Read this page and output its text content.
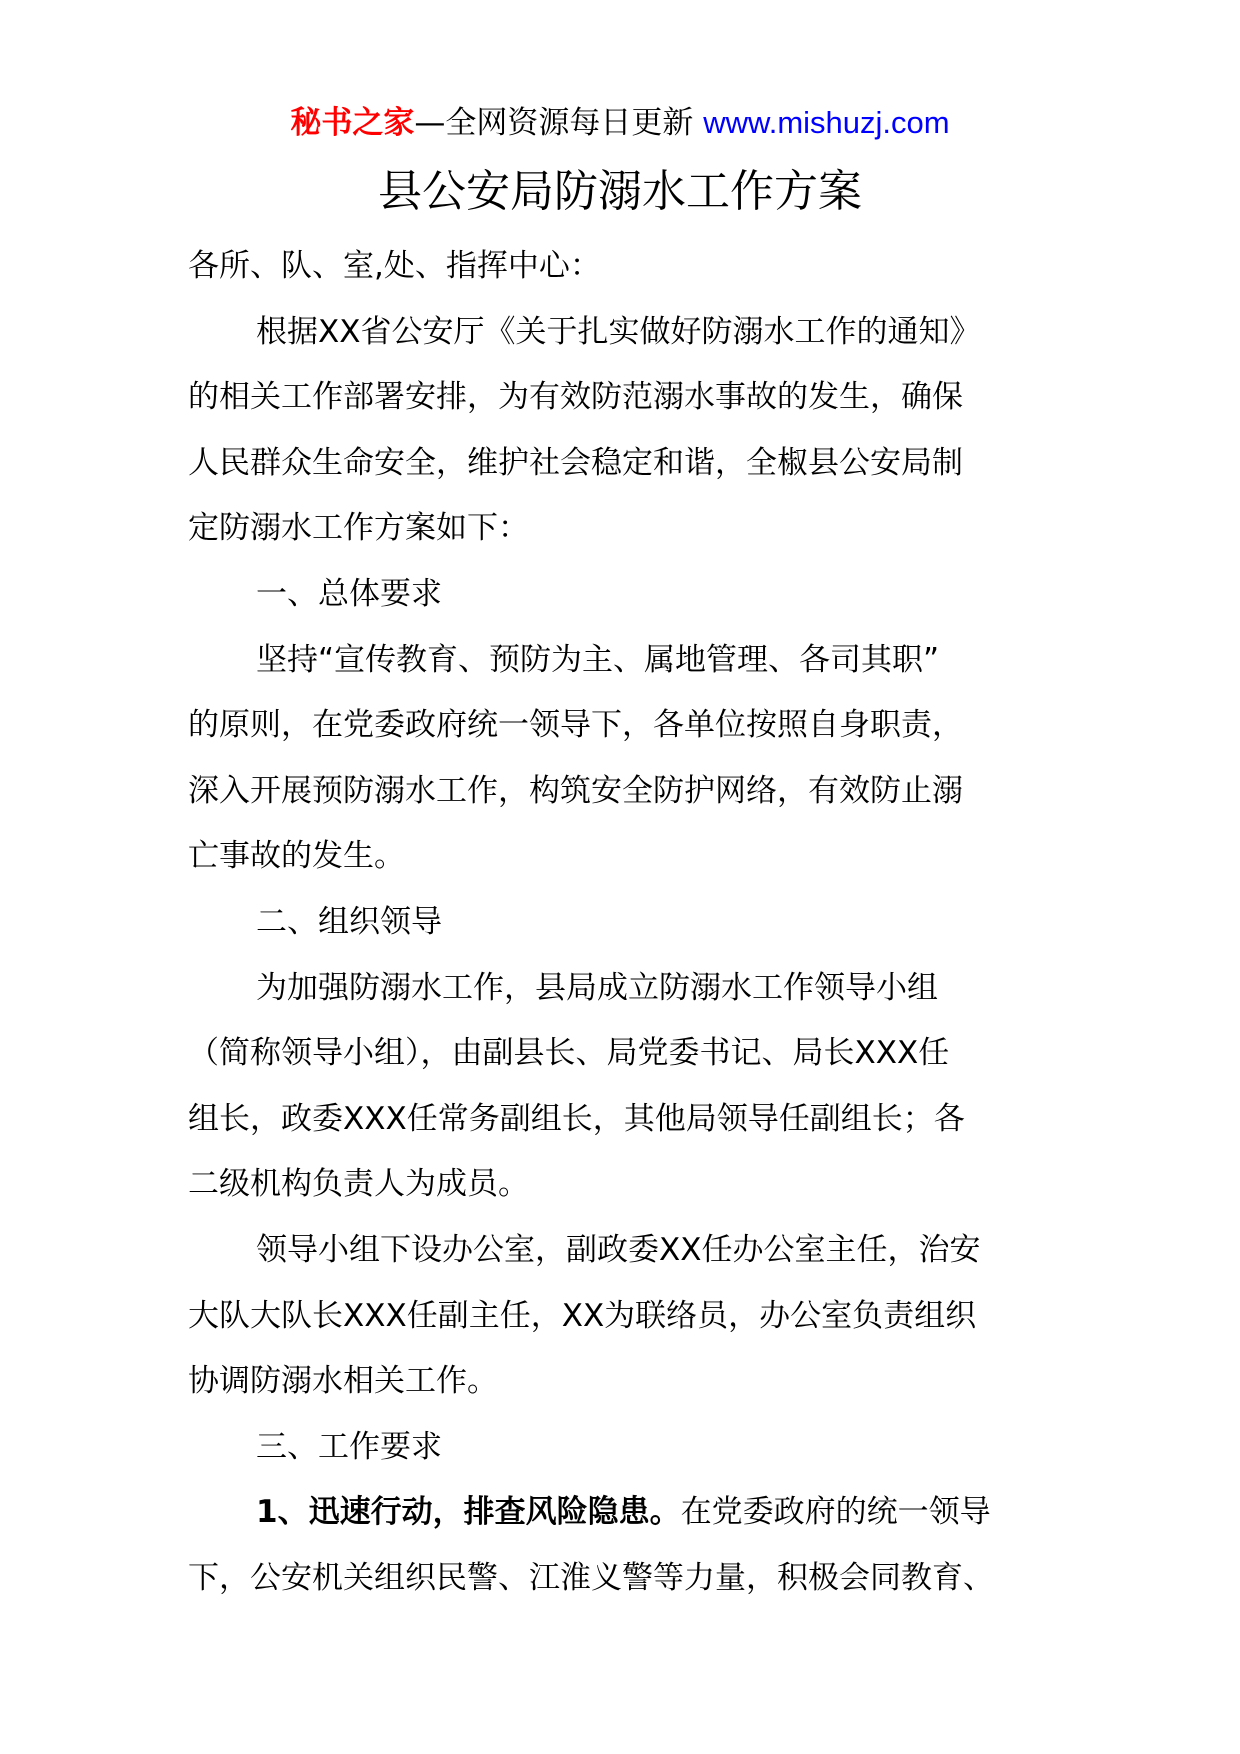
秘书之家—全网资源每日更新 www.mishuzj.com
县公安局防溺水工作方案
各所、队、室,处、指挥中心：
根据XX省公安厅《关于扎实做好防溺水工作的通知》
的相关工作部署安排，为有效防范溺水事故的发生，确保
人民群众生命安全，维护社会稳定和谐，全椒县公安局制
定防溺水工作方案如下：
一、总体要求
坚持“宣传教育、预防为主、属地管理、各司其职”
的原则，在党委政府统一领导下，各单位按照自身职责，
深入开展预防溺水工作，构筑安全防护网络，有效防止溺
亡事故的发生。
二、组织领导
为加强防溺水工作，县局成立防溺水工作领导小组
（简称领导小组），由副县长、局党委书记、局长XXX任
组长，政委XXX任常务副组长，其他局领导任副组长；各
二级机构负责人为成员。
领导小组下设办公室，副政委XX任办公室主任，治安
大队大队长XXX任副主任，XX为联络员，办公室负责组织
协调防溺水相关工作。
三、工作要求
1、迅速行动，排查风险隐患。在党委政府的统一领导
下，公安机关组织民警、江淮义警等力量，积极会同教育、
